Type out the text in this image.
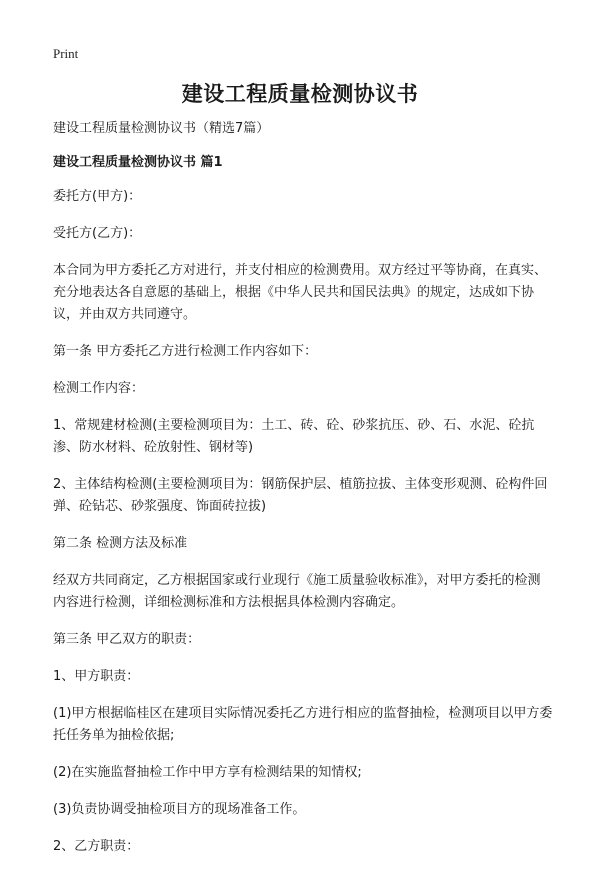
Print
建设工程质量检测协议书

建设工程质量检测协议书（精选7篇）

建设工程质量检测协议书 篇1

委托方(甲方)：

受托方(乙方)：

本合同为甲方委托乙方对进行，并支付相应的检测费用。双方经过平等协商，在真实、充分地表达各自意愿的基础上，根据《中华人民共和国民法典》的规定，达成如下协议，并由双方共同遵守。

第一条 甲方委托乙方进行检测工作内容如下：

检测工作内容：

1、常规建材检测(主要检测项目为：土工、砖、砼、砂浆抗压、砂、石、水泥、砼抗渗、防水材料、砼放射性、钢材等)

2、主体结构检测(主要检测项目为：钢筋保护层、植筋拉拔、主体变形观测、砼构件回弹、砼钻芯、砂浆强度、饰面砖拉拔)

第二条 检测方法及标准

经双方共同商定，乙方根据国家或行业现行《施工质量验收标准》，对甲方委托的检测内容进行检测，详细检测标准和方法根据具体检测内容确定。

第三条 甲乙双方的职责：

1、甲方职责：

(1)甲方根据临桂区在建项目实际情况委托乙方进行相应的监督抽检，检测项目以甲方委托任务单为抽检依据;

(2)在实施监督抽检工作中甲方享有检测结果的知情权;

(3)负责协调受抽检项目方的现场准备工作。

2、乙方职责：
